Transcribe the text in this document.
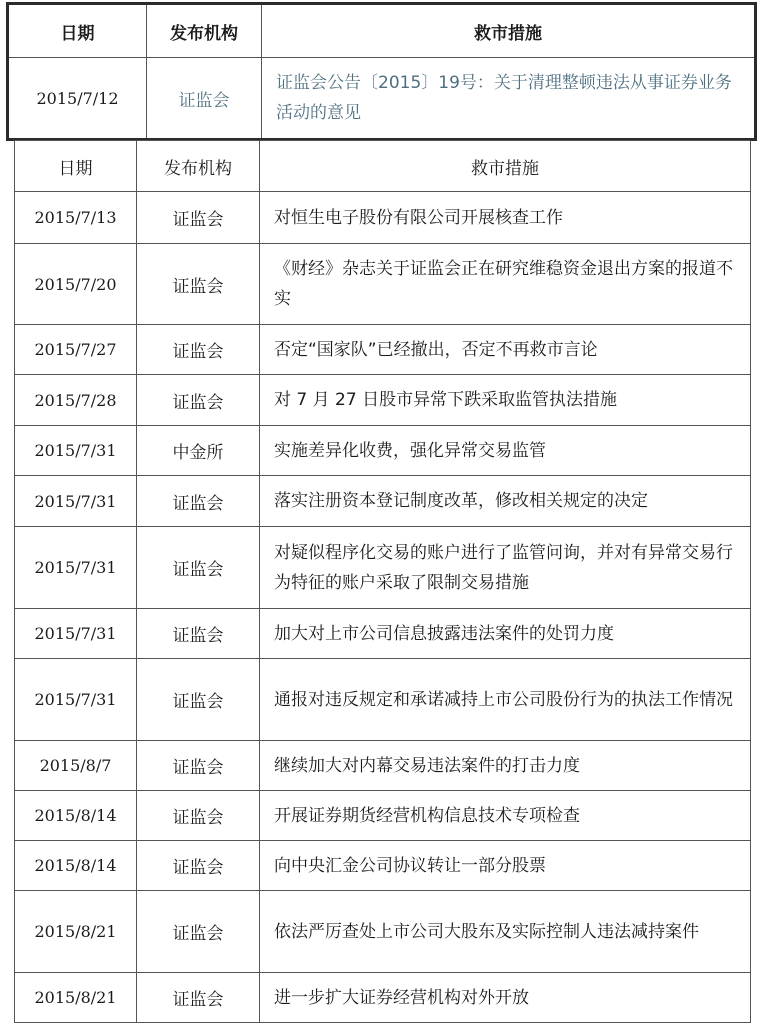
日期	发布机构	救市措施
2015/7/12	证监会	证监会公告〔2015〕19号：关于清理整顿违法从事证券业务活动的意见
日期	发布机构	救市措施
2015/7/13	证监会	对恒生电子股份有限公司开展核查工作
2015/7/20	证监会	《财经》杂志关于证监会正在研究维稳资金退出方案的报道不实
2015/7/27	证监会	否定“国家队”已经撤出，否定不再救市言论
2015/7/28	证监会	对 7 月 27 日股市异常下跌采取监管执法措施
2015/7/31	中金所	实施差异化收费，强化异常交易监管
2015/7/31	证监会	落实注册资本登记制度改革，修改相关规定的决定
2015/7/31	证监会	对疑似程序化交易的账户进行了监管问询，并对有异常交易行为特征的账户采取了限制交易措施
2015/7/31	证监会	加大对上市公司信息披露违法案件的处罚力度
2015/7/31	证监会	通报对违反规定和承诺减持上市公司股份行为的执法工作情况
2015/8/7	证监会	继续加大对内幕交易违法案件的打击力度
2015/8/14	证监会	开展证券期货经营机构信息技术专项检查
2015/8/14	证监会	向中央汇金公司协议转让一部分股票
2015/8/21	证监会	依法严厉查处上市公司大股东及实际控制人违法减持案件
2015/8/21	证监会	进一步扩大证券经营机构对外开放
